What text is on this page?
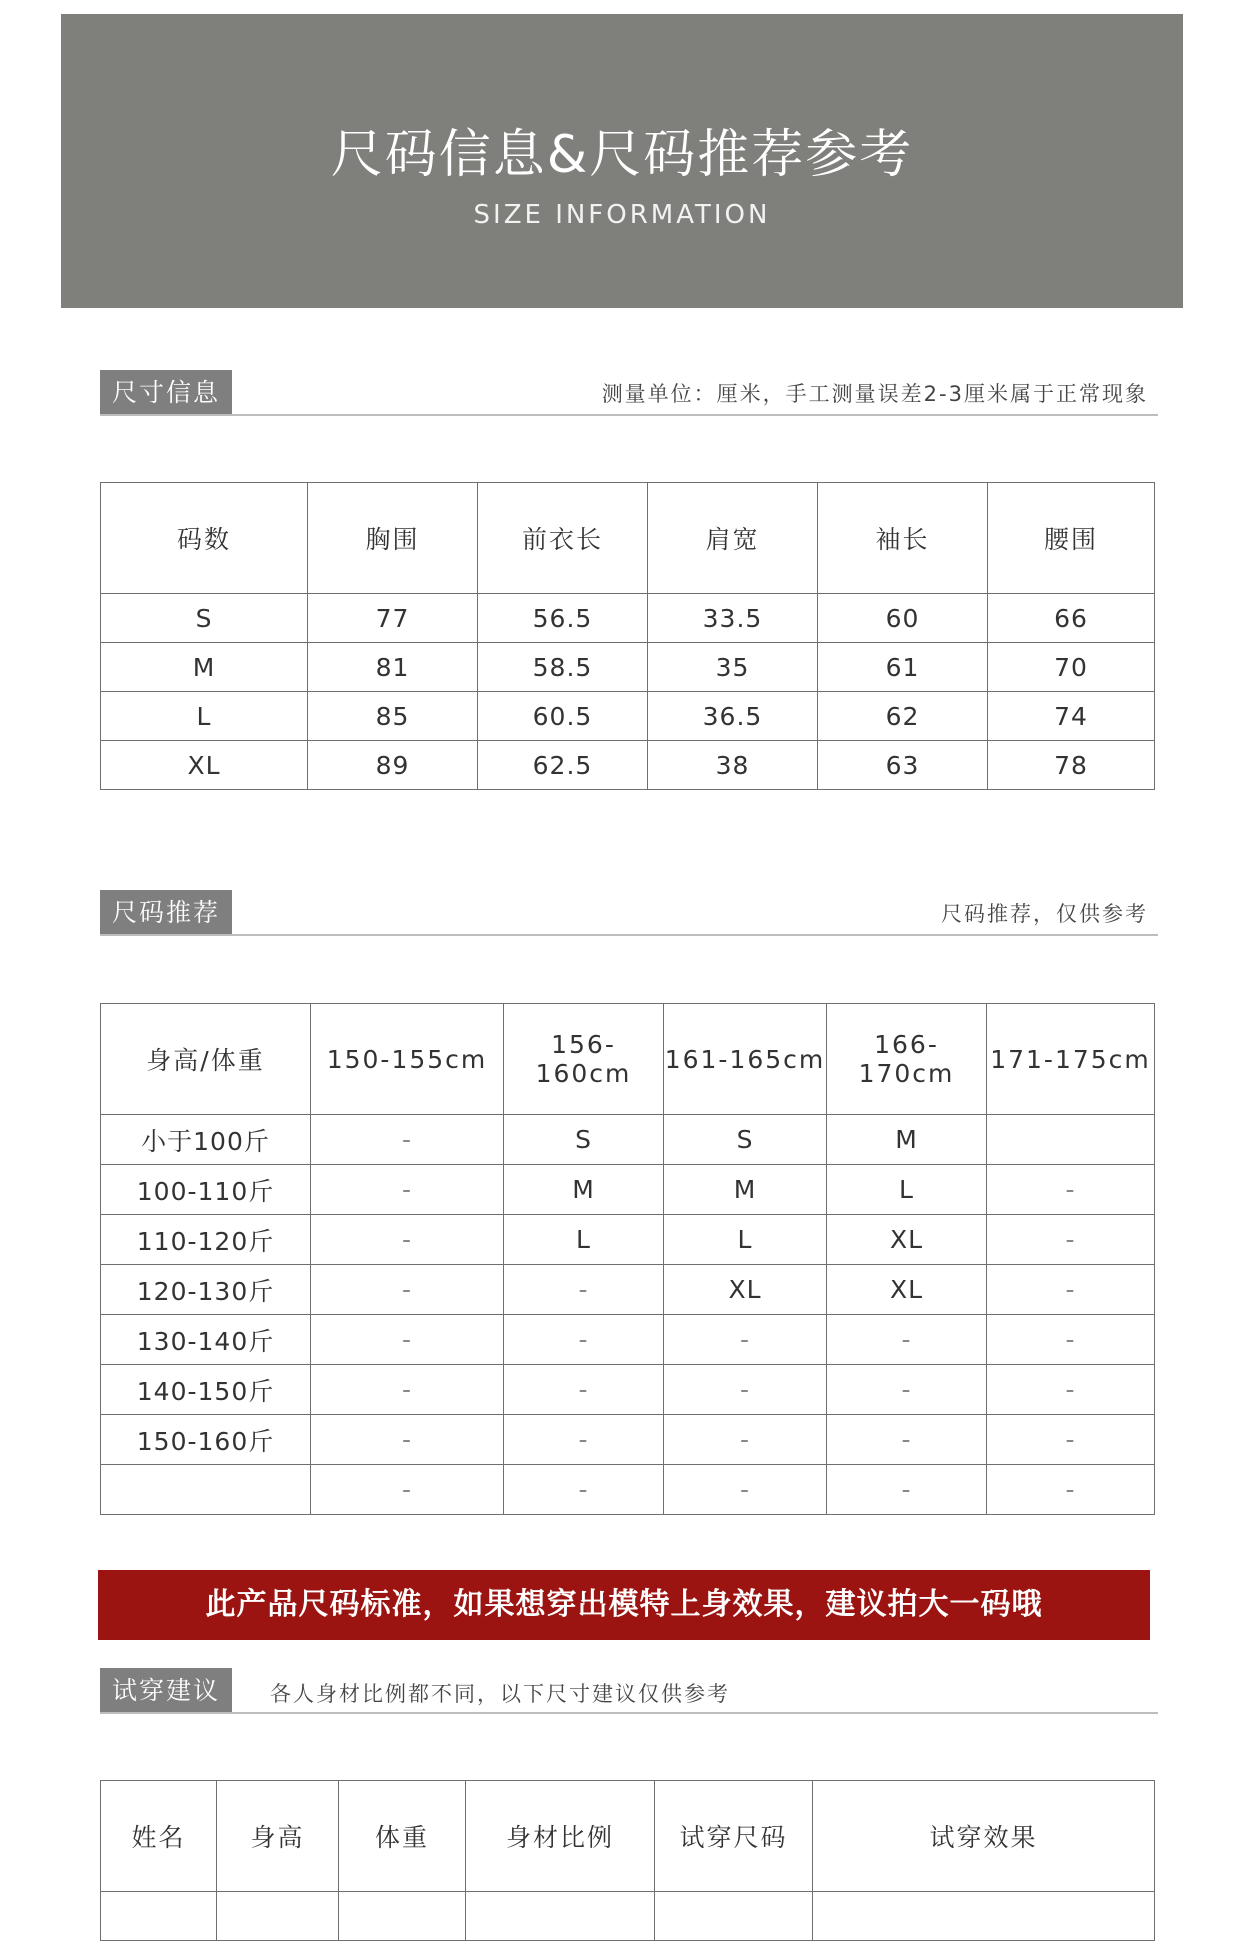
尺码信息&尺码推荐参考
SIZE INFORMATION
尺寸信息	测量单位：厘米，手工测量误差2-3厘米属于正常现象
码数	胸围	前衣长	肩宽	袖长	腰围
S	77	56.5	33.5	60	66
M	81	58.5	35	61	70
L	85	60.5	36.5	62	74
XL	89	62.5	38	63	78
尺码推荐	尺码推荐，仅供参考
身高/体重	150-155cm	156-160cm	161-165cm	166-170cm	171-175cm
小于100斤	-	S	S	M	
100-110斤	-	M	M	L	-
110-120斤	-	L	L	XL	-
120-130斤	-	-	XL	XL	-
130-140斤	-	-	-	-	-
140-150斤	-	-	-	-	-
150-160斤	-	-	-	-	-
	-	-	-	-	-
此产品尺码标准，如果想穿出模特上身效果，建议拍大一码哦
试穿建议	各人身材比例都不同，以下尺寸建议仅供参考
姓名	身高	体重	身材比例	试穿尺码	试穿效果
